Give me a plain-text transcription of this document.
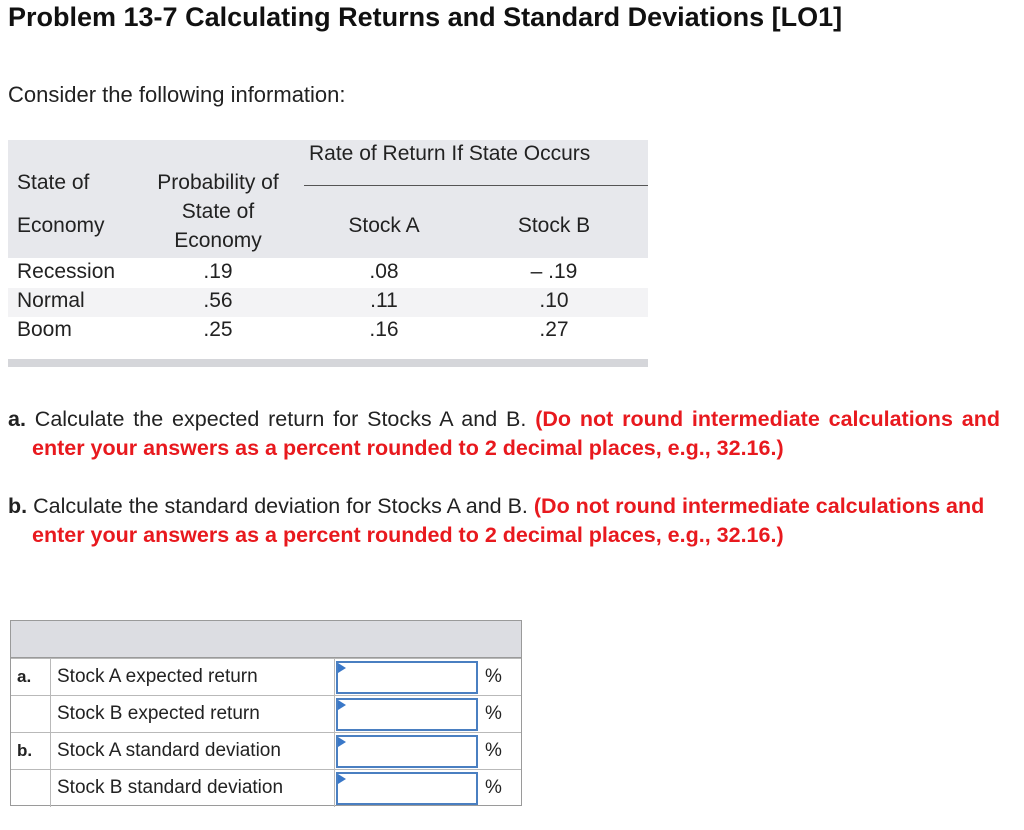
Problem 13-7 Calculating Returns and Standard Deviations [LO1]
Consider the following information:
Rate of Return If State Occurs
State of
Economy
Probability of
State of
Economy
Stock A	Stock B
Recession	.19	.08	– .19
Normal	.56	.11	.10
Boom	.25	.16	.27
a. Calculate the expected return for Stocks A and B. (Do not round intermediate calculations and enter your answers as a percent rounded to 2 decimal places, e.g., 32.16.)
b. Calculate the standard deviation for Stocks A and B. (Do not round intermediate calculations and enter your answers as a percent rounded to 2 decimal places, e.g., 32.16.)
a. Stock A expected return	%
Stock B expected return	%
b. Stock A standard deviation	%
Stock B standard deviation	%
